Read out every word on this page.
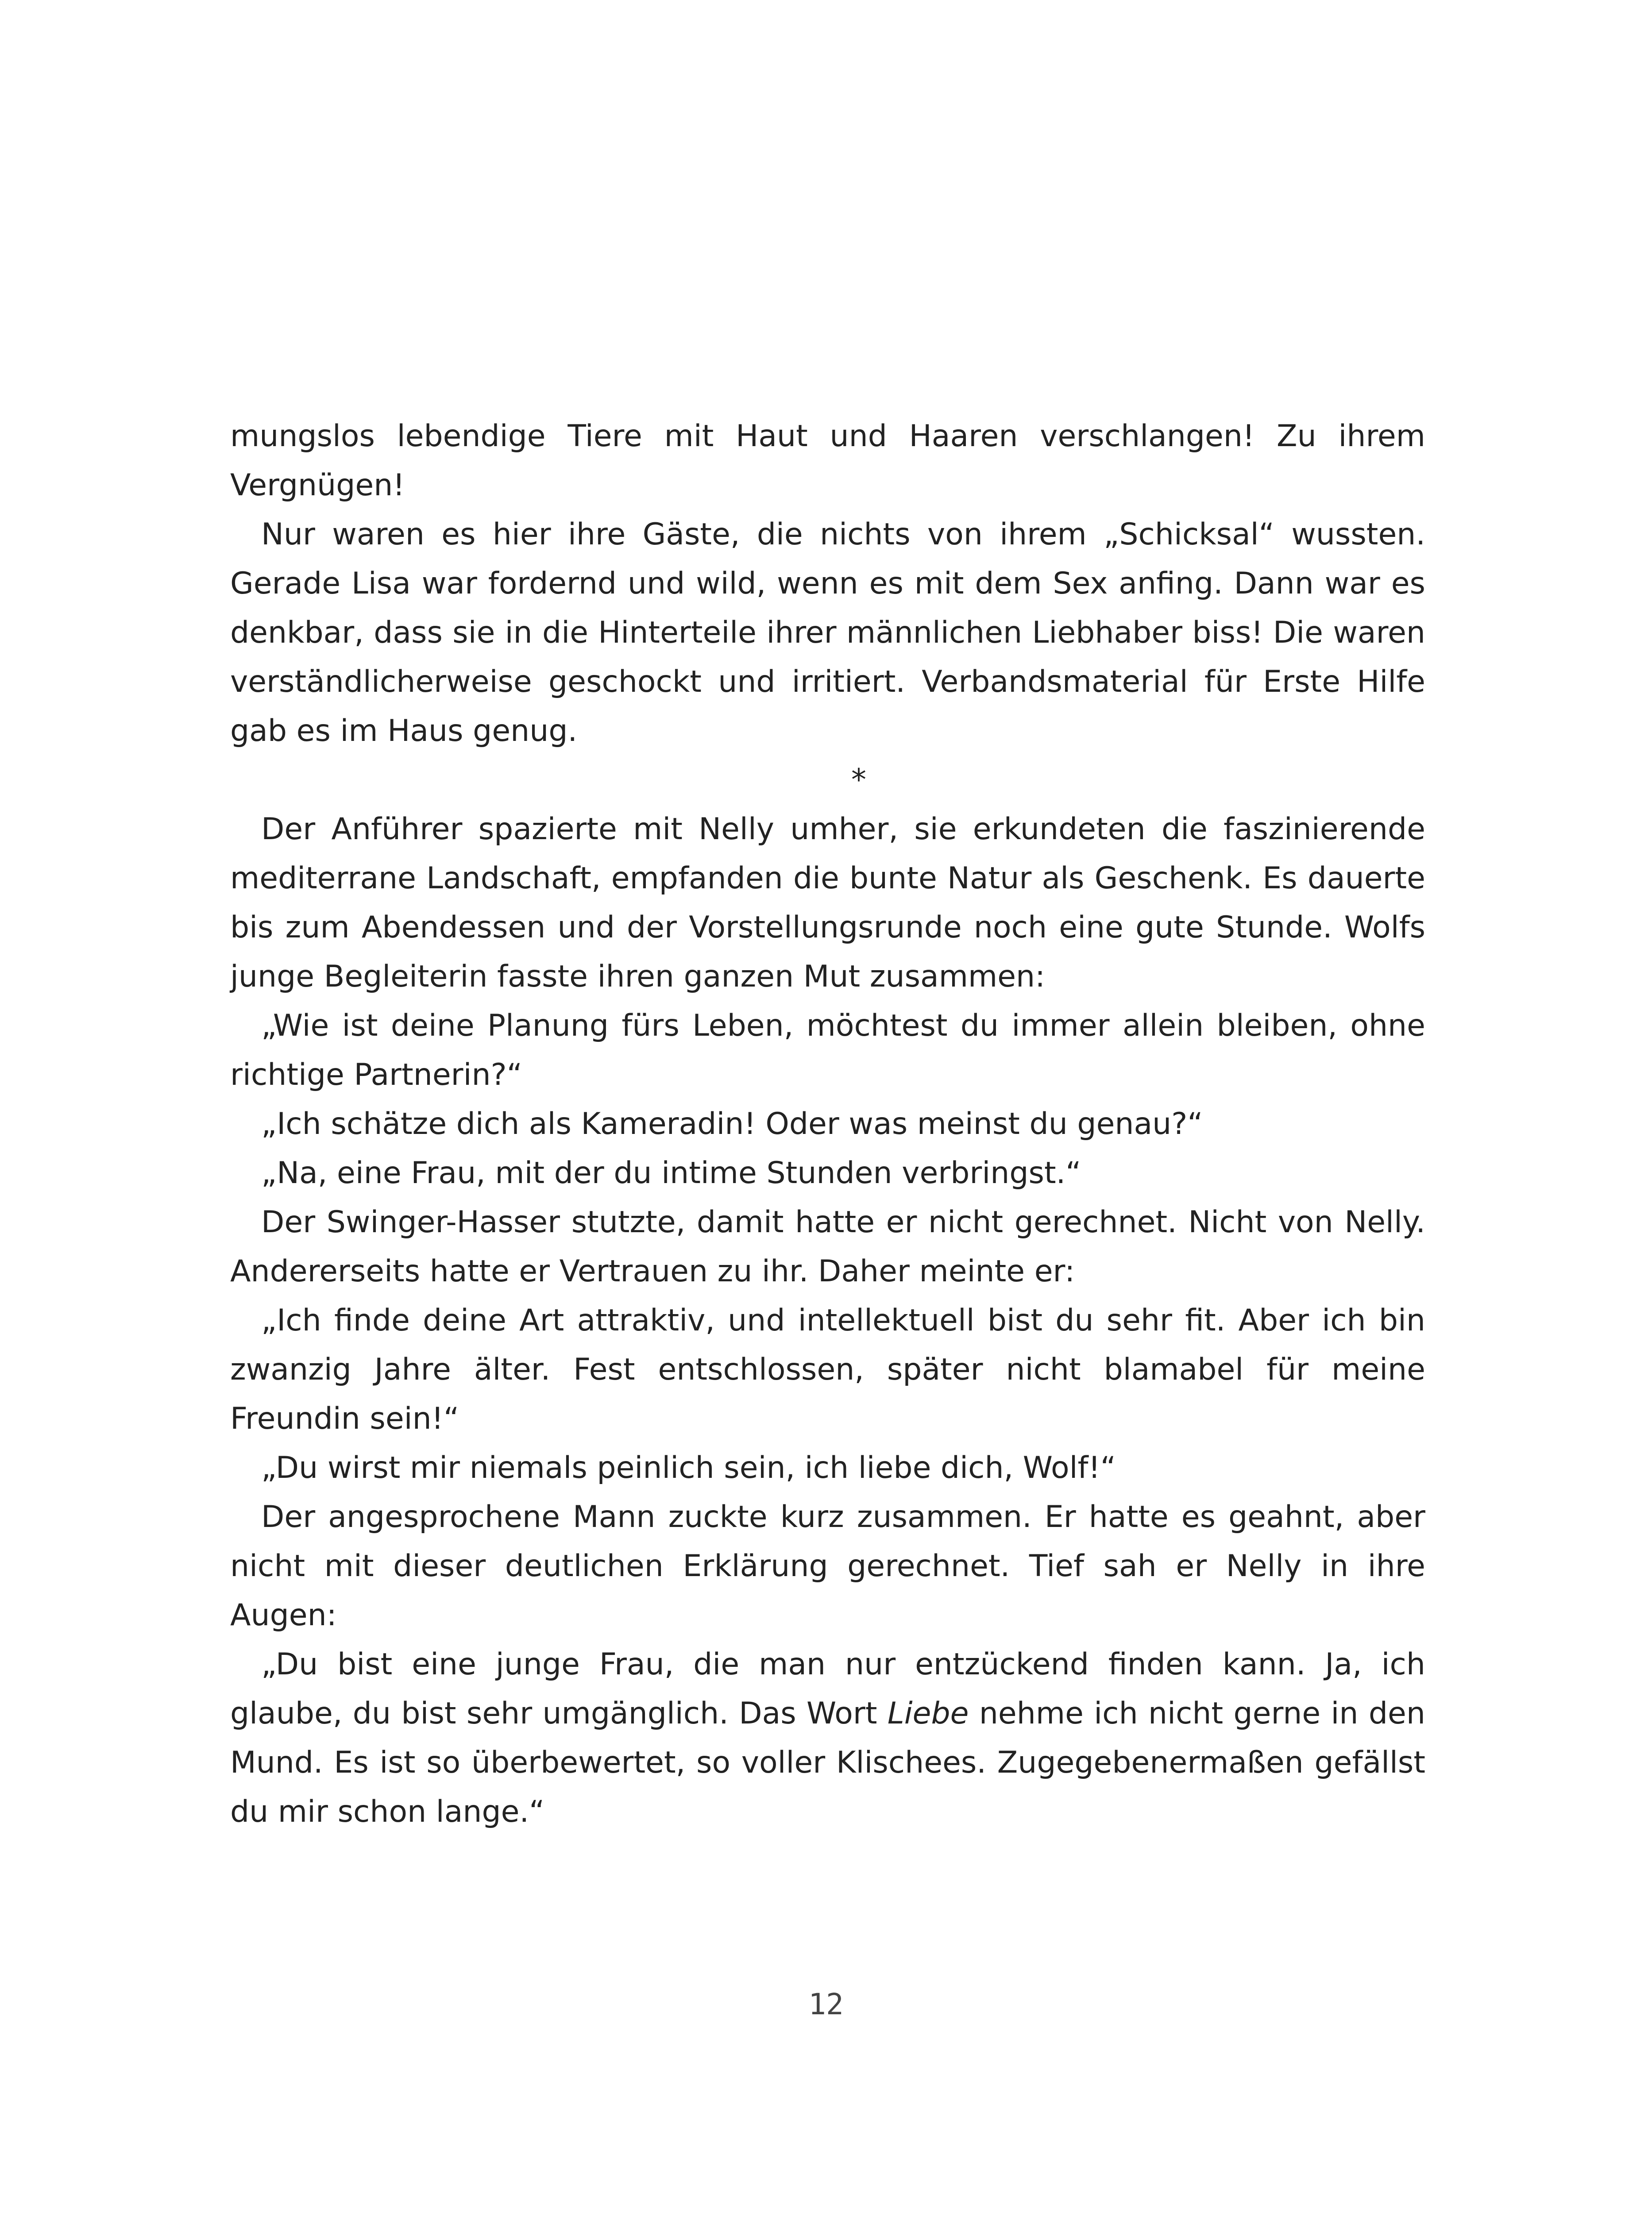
mungslos lebendige Tiere mit Haut und Haaren verschlangen! Zu ihrem Vergnügen!

Nur waren es hier ihre Gäste, die nichts von ihrem „Schicksal“ wussten. Gerade Lisa war fordernd und wild, wenn es mit dem Sex anfing. Dann war es denkbar, dass sie in die Hinterteile ihrer männlichen Liebhaber biss! Die waren verständlicherweise geschockt und irritiert. Verbandsmaterial für Erste Hilfe gab es im Haus genug.

*

Der Anführer spazierte mit Nelly umher, sie erkundeten die faszinierende mediterrane Landschaft, empfanden die bunte Natur als Geschenk. Es dauerte bis zum Abendessen und der Vorstellungsrunde noch eine gute Stunde. Wolfs junge Begleiterin fasste ihren ganzen Mut zusammen:

„Wie ist deine Planung fürs Leben, möchtest du immer allein bleiben, ohne richtige Partnerin?“

„Ich schätze dich als Kameradin! Oder was meinst du genau?“

„Na, eine Frau, mit der du intime Stunden verbringst.“

Der Swinger-Hasser stutzte, damit hatte er nicht gerechnet. Nicht von Nelly. Andererseits hatte er Vertrauen zu ihr. Daher meinte er:

„Ich finde deine Art attraktiv, und intellektuell bist du sehr fit. Aber ich bin zwanzig Jahre älter. Fest entschlossen, später nicht blamabel für meine Freundin sein!“

„Du wirst mir niemals peinlich sein, ich liebe dich, Wolf!“

Der angesprochene Mann zuckte kurz zusammen. Er hatte es geahnt, aber nicht mit dieser deutlichen Erklärung gerechnet. Tief sah er Nelly in ihre Augen:

„Du bist eine junge Frau, die man nur entzückend finden kann. Ja, ich glaube, du bist sehr umgänglich. Das Wort Liebe nehme ich nicht gerne in den Mund. Es ist so überbewertet, so voller Klischees. Zugegebenermaßen gefällst du mir schon lange.“

12
